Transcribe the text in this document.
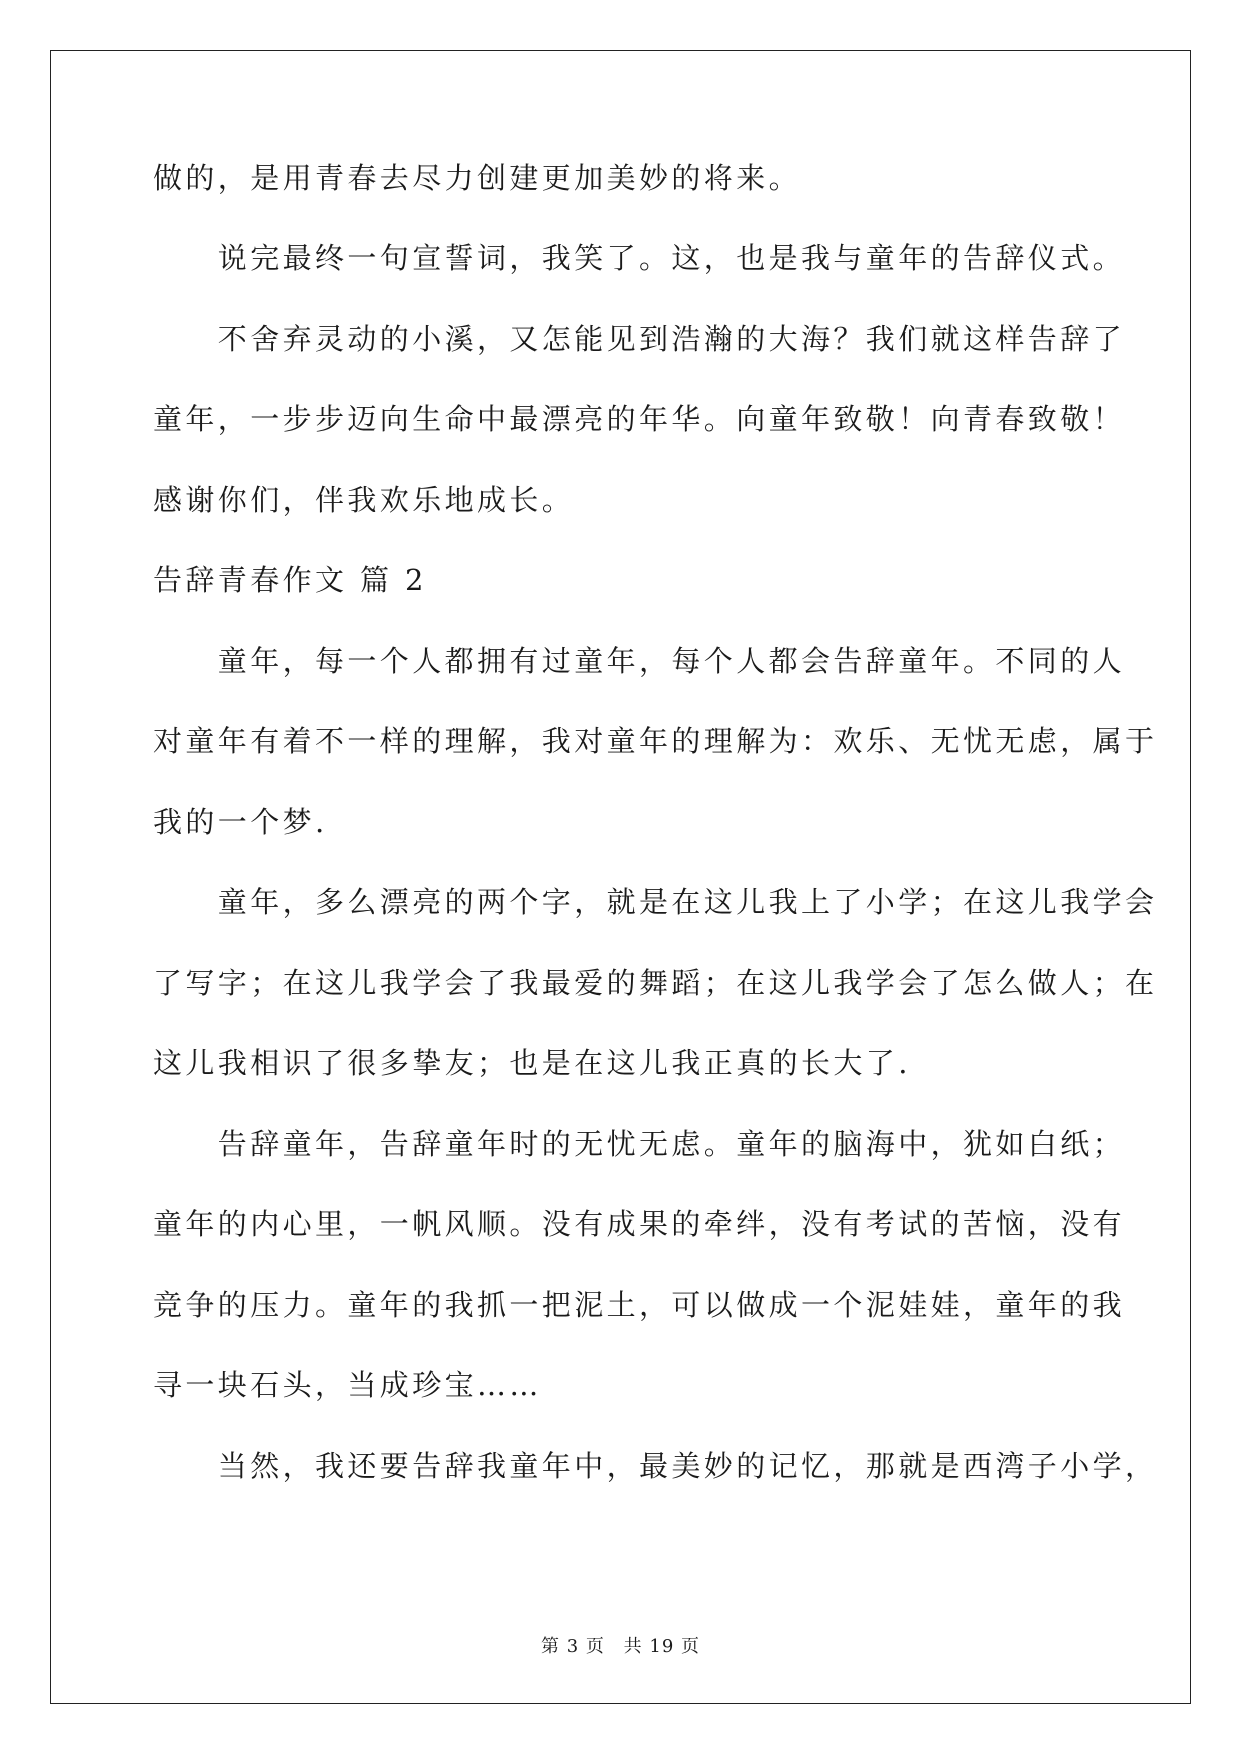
做的，是用青春去尽力创建更加美妙的将来。
　　说完最终一句宣誓词，我笑了。这，也是我与童年的告辞仪式。
　　不舍弃灵动的小溪，又怎能见到浩瀚的大海？我们就这样告辞了
童年，一步步迈向生命中最漂亮的年华。向童年致敬！向青春致敬！
感谢你们，伴我欢乐地成长。
告辞青春作文 篇 2
　　童年，每一个人都拥有过童年，每个人都会告辞童年。不同的人
对童年有着不一样的理解，我对童年的理解为：欢乐、无忧无虑，属于
我的一个梦.
　　童年，多么漂亮的两个字，就是在这儿我上了小学；在这儿我学会
了写字；在这儿我学会了我最爱的舞蹈；在这儿我学会了怎么做人；在
这儿我相识了很多挚友；也是在这儿我正真的长大了.
　　告辞童年，告辞童年时的无忧无虑。童年的脑海中，犹如白纸；
童年的内心里，一帆风顺。没有成果的牵绊，没有考试的苦恼，没有
竞争的压力。童年的我抓一把泥土，可以做成一个泥娃娃，童年的我
寻一块石头，当成珍宝……
　　当然，我还要告辞我童年中，最美妙的记忆，那就是西湾子小学，
第 3 页 共 19 页
